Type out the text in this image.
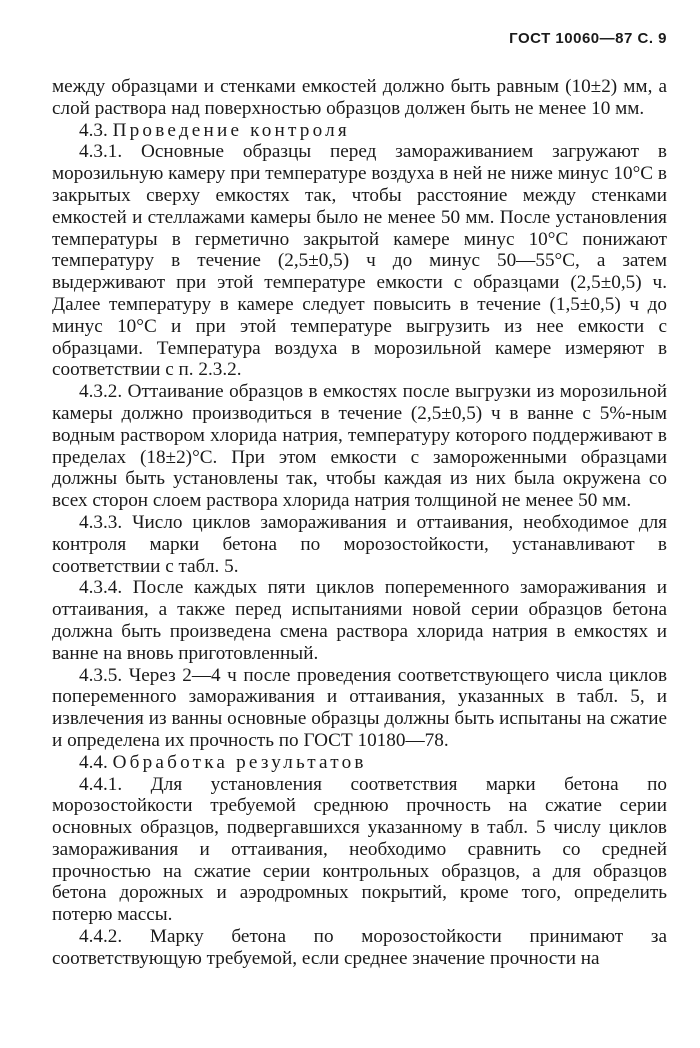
ГОСТ 10060—87 С. 9

между образцами и стенками емкостей должно быть равным (10±2) мм, а слой раствора над поверхностью образцов должен быть не менее 10 мм.

4.3. Проведение контроля

4.3.1. Основные образцы перед замораживанием загружают в морозильную камеру при температуре воздуха в ней не ниже минус 10°С в закрытых сверху емкостях так, чтобы расстояние между стенками емкостей и стеллажами камеры было не менее 50 мм. После установления температуры в герметично закрытой камере минус 10°С понижают температуру в течение (2,5±0,5) ч до минус 50—55°С, а затем выдерживают при этой температуре емкости с образцами (2,5±0,5) ч. Далее температуру в камере следует повысить в течение (1,5±0,5) ч до минус 10°С и при этой температуре выгрузить из нее емкости с образцами. Температура воздуха в морозильной камере измеряют в соответствии с п. 2.3.2.

4.3.2. Оттаивание образцов в емкостях после выгрузки из морозильной камеры должно производиться в течение (2,5±0,5) ч в ванне с 5%-ным водным раствором хлорида натрия, температуру которого поддерживают в пределах (18±2)°С. При этом емкости с замороженными образцами должны быть установлены так, чтобы каждая из них была окружена со всех сторон слоем раствора хлорида натрия толщиной не менее 50 мм.

4.3.3. Число циклов замораживания и оттаивания, необходимое для контроля марки бетона по морозостойкости, устанавливают в соответствии с табл. 5.

4.3.4. После каждых пяти циклов попеременного замораживания и оттаивания, а также перед испытаниями новой серии образцов бетона должна быть произведена смена раствора хлорида натрия в емкостях и ванне на вновь приготовленный.

4.3.5. Через 2—4 ч после проведения соответствующего числа циклов попеременного замораживания и оттаивания, указанных в табл. 5, и извлечения из ванны основные образцы должны быть испытаны на сжатие и определена их прочность по ГОСТ 10180—78.

4.4. Обработка результатов

4.4.1. Для установления соответствия марки бетона по морозостойкости требуемой среднюю прочность на сжатие серии основных образцов, подвергавшихся указанному в табл. 5 числу циклов замораживания и оттаивания, необходимо сравнить со средней прочностью на сжатие серии контрольных образцов, а для образцов бетона дорожных и аэродромных покрытий, кроме того, определить потерю массы.

4.4.2. Марку бетона по морозостойкости принимают за соответствующую требуемой, если среднее значение прочности на
